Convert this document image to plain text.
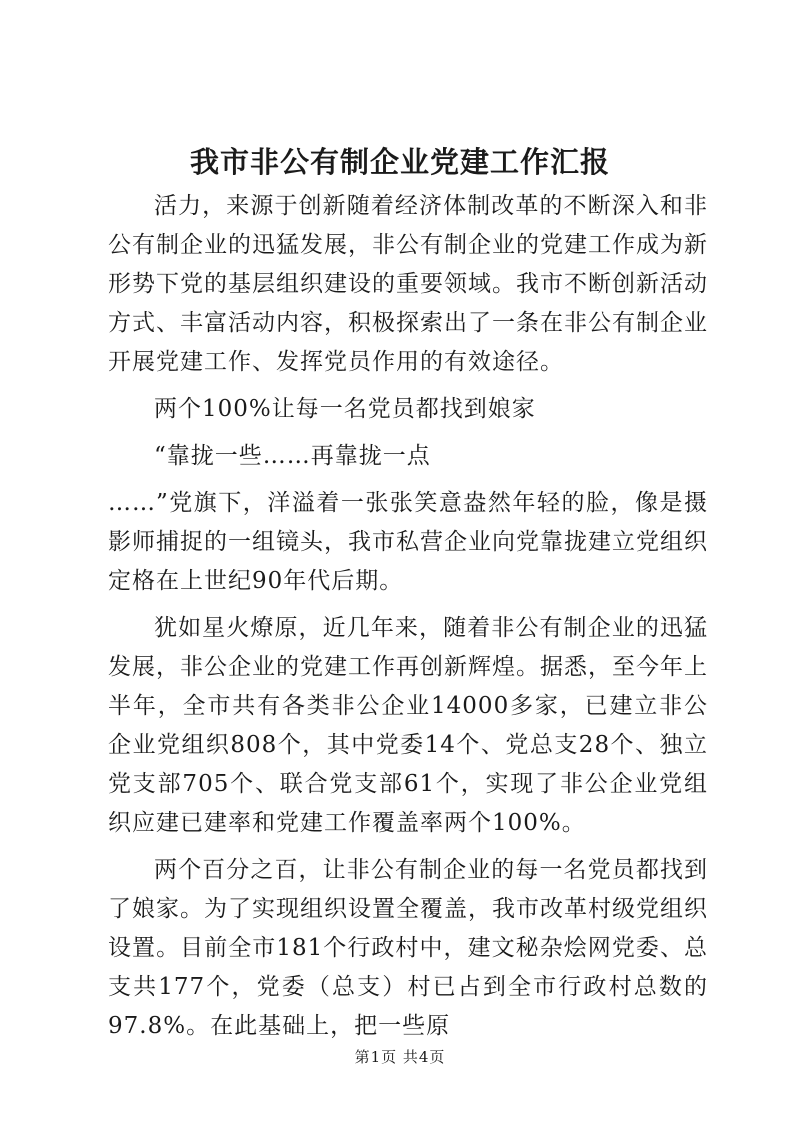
我市非公有制企业党建工作汇报

活力，来源于创新随着经济体制改革的不断深入和非公有制企业的迅猛发展，非公有制企业的党建工作成为新形势下党的基层组织建设的重要领域。我市不断创新活动方式、丰富活动内容，积极探索出了一条在非公有制企业开展党建工作、发挥党员作用的有效途径。

两个100%让每一名党员都找到娘家

“靠拢一些……再靠拢一点

……”党旗下，洋溢着一张张笑意盎然年轻的脸，像是摄影师捕捉的一组镜头，我市私营企业向党靠拢建立党组织定格在上世纪90年代后期。

犹如星火燎原，近几年来，随着非公有制企业的迅猛发展，非公企业的党建工作再创新辉煌。据悉，至今年上半年，全市共有各类非公企业14000多家，已建立非公企业党组织808个，其中党委14个、党总支28个、独立党支部705个、联合党支部61个，实现了非公企业党组织应建已建率和党建工作覆盖率两个100%。

两个百分之百，让非公有制企业的每一名党员都找到了娘家。为了实现组织设置全覆盖，我市改革村级党组织设置。目前全市181个行政村中，建文秘杂烩网党委、总支共177个，党委（总支）村已占到全市行政村总数的97.8%。在此基础上，把一些原

第1页 共4页
